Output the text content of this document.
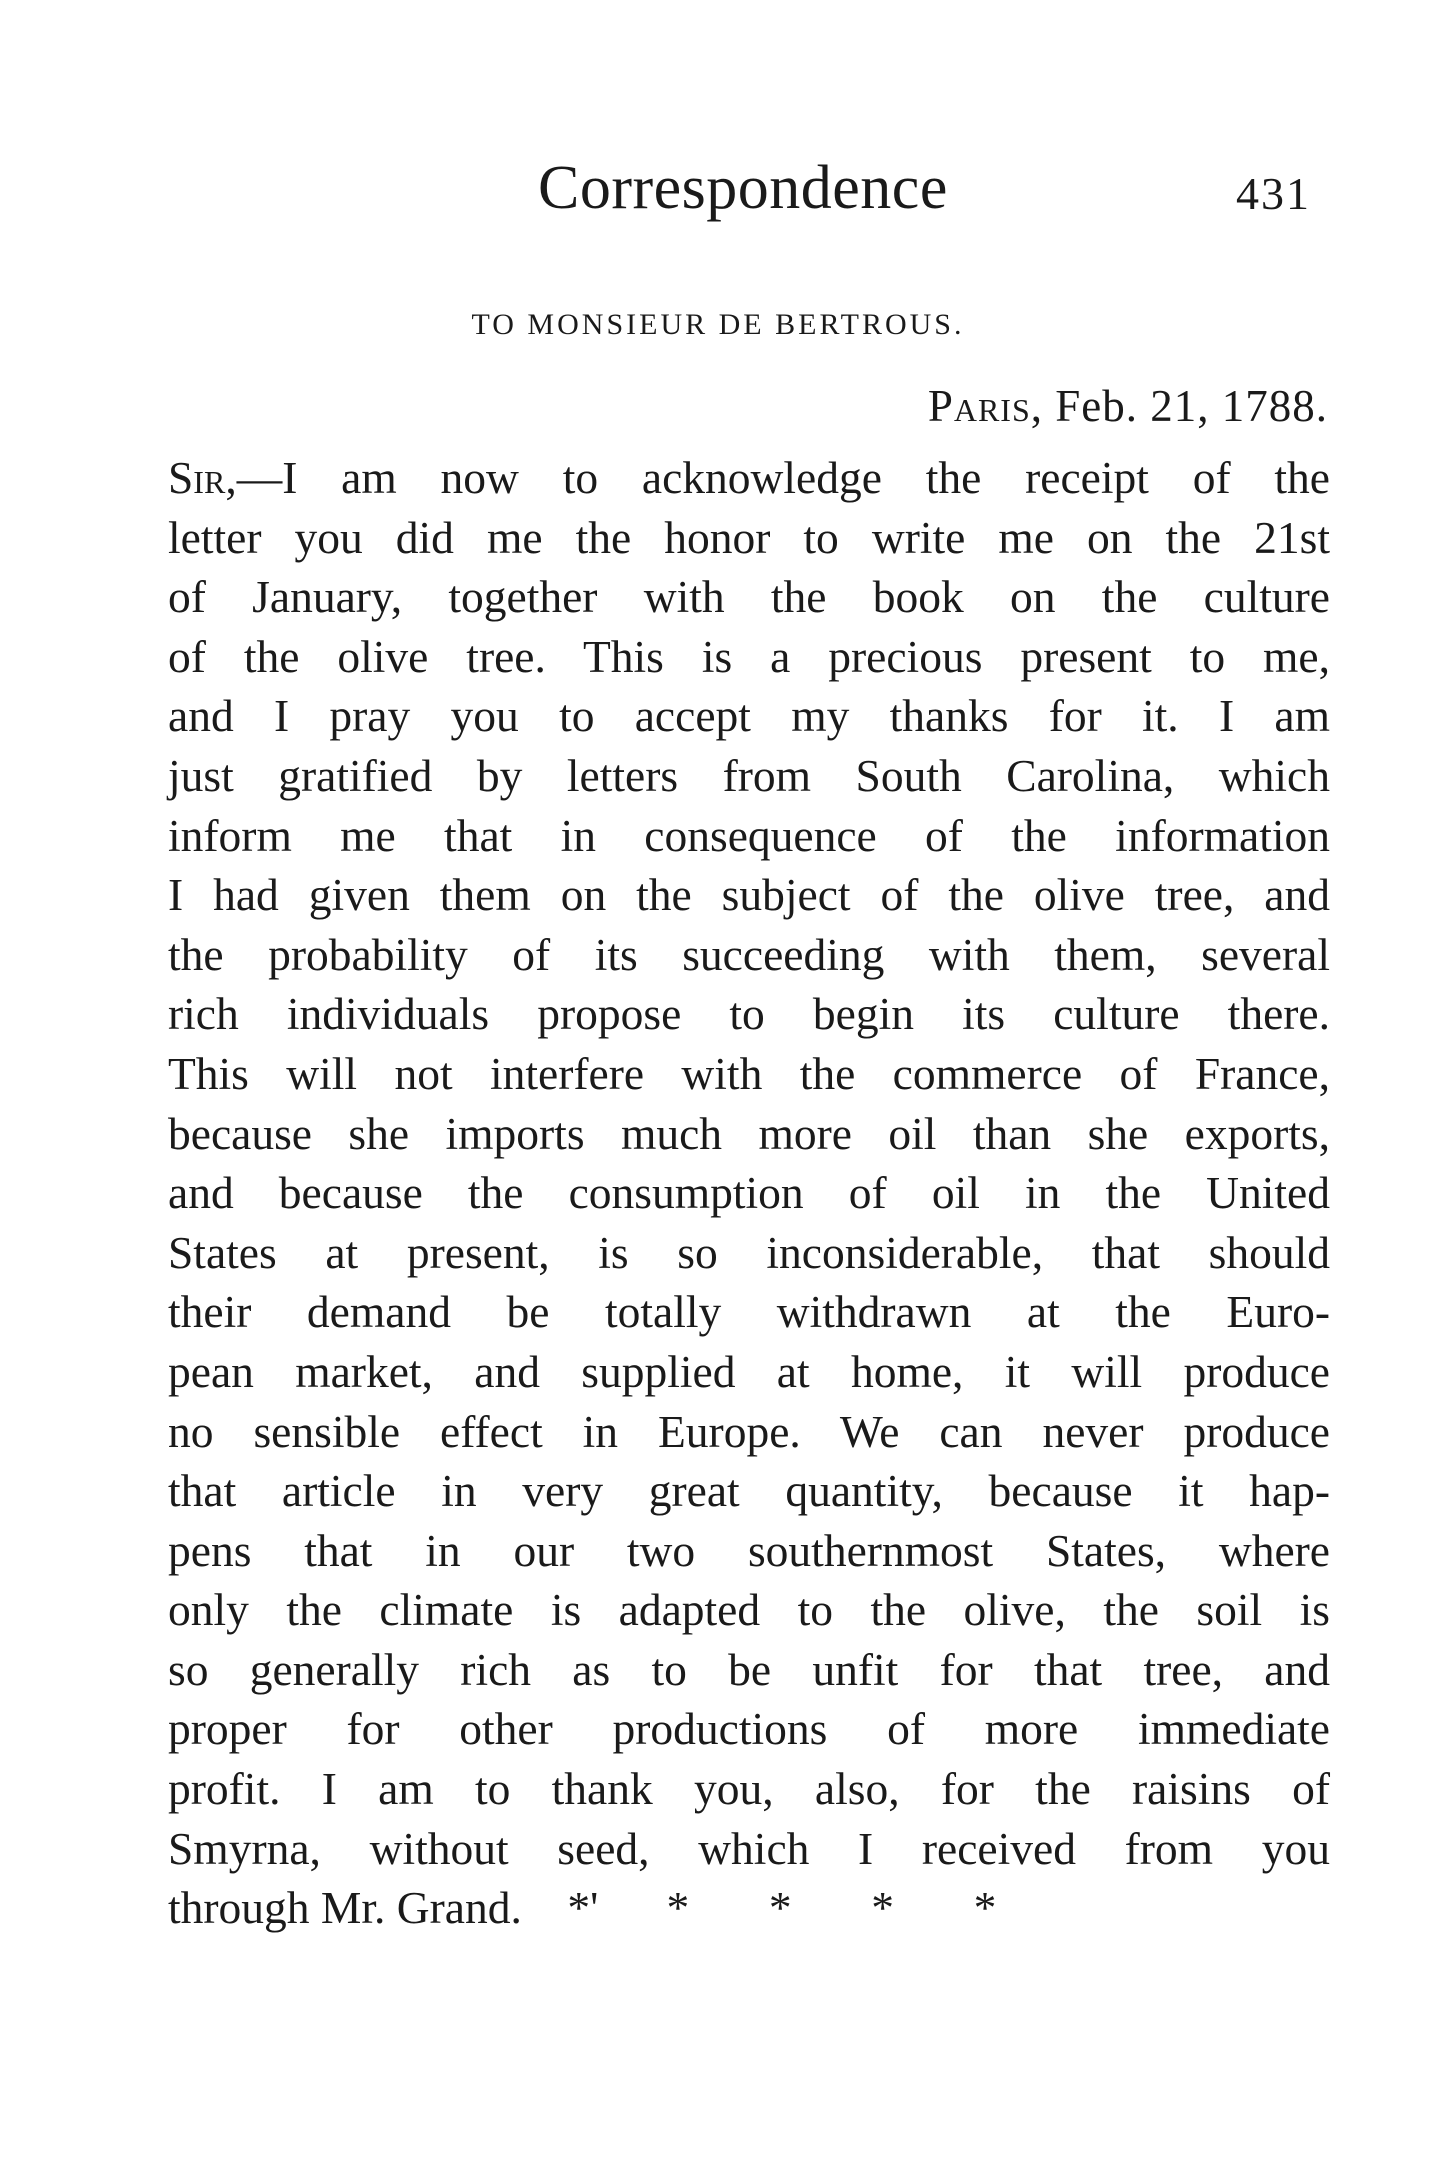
Correspondence	431
TO MONSIEUR DE BERTROUS.
Paris, Feb. 21, 1788.
Sir,—I am now to acknowledge the receipt of the
letter you did me the honor to write me on the 21st
of January, together with the book on the culture
of the olive tree. This is a precious present to me,
and I pray you to accept my thanks for it. I am
just gratified by letters from South Carolina, which
inform me that in consequence of the information
I had given them on the subject of the olive tree, and
the probability of its succeeding with them, several
rich individuals propose to begin its culture there.
This will not interfere with the commerce of France,
because she imports much more oil than she exports,
and because the consumption of oil in the United
States at present, is so inconsiderable, that should
their demand be totally withdrawn at the Euro-
pean market, and supplied at home, it will produce
no sensible effect in Europe. We can never produce
that article in very great quantity, because it hap-
pens that in our two southernmost States, where
only the climate is adapted to the olive, the soil is
so generally rich as to be unfit for that tree, and
proper for other productions of more immediate
profit. I am to thank you, also, for the raisins of
Smyrna, without seed, which I received from you
through Mr. Grand.    *'      *       *       *       *
